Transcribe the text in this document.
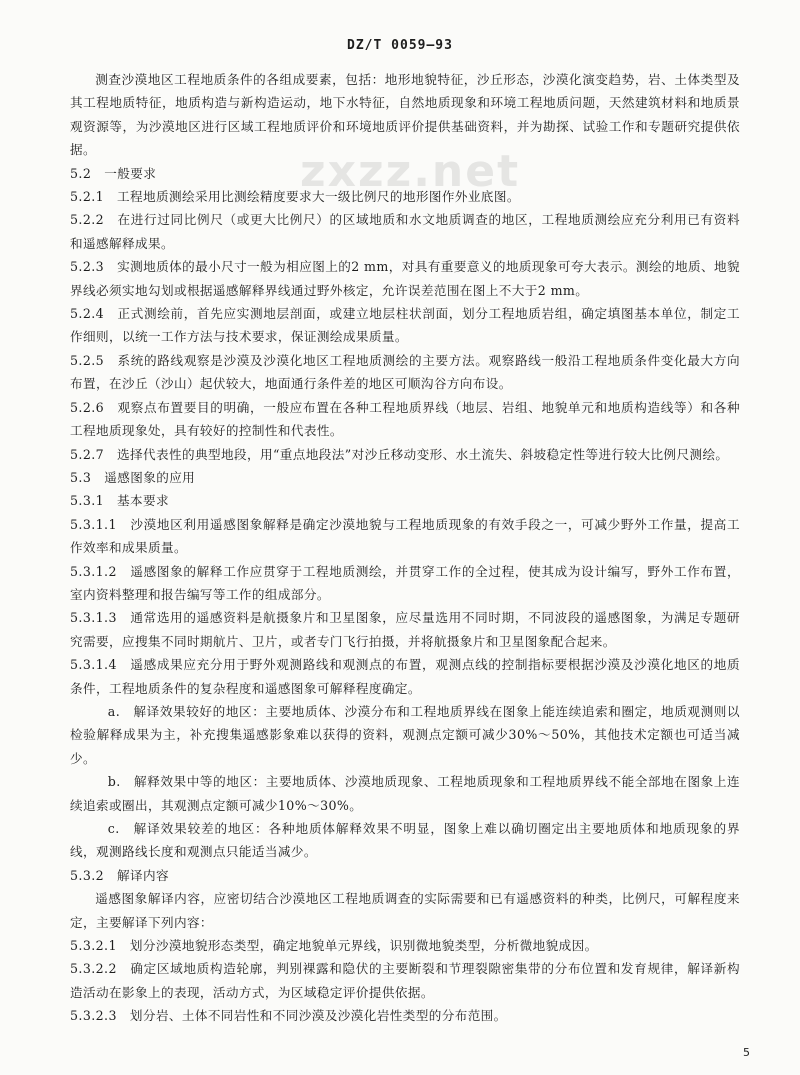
DZ/T 0059—93
zxzz.net

测查沙漠地区工程地质条件的各组成要素，包括：地形地貌特征，沙丘形态，沙漠化演变趋势，岩、土体类型及其工程地质特征，地质构造与新构造运动，地下水特征，自然地质现象和环境工程地质问题，天然建筑材料和地质景观资源等，为沙漠地区进行区域工程地质评价和环境地质评价提供基础资料，并为勘探、试验工作和专题研究提供依据。

5.2　一般要求

5.2.1　工程地质测绘采用比测绘精度要求大一级比例尺的地形图作外业底图。

5.2.2　在进行过同比例尺（或更大比例尺）的区域地质和水文地质调查的地区，工程地质测绘应充分利用已有资料和遥感解释成果。

5.2.3　实测地质体的最小尺寸一般为相应图上的2 mm，对具有重要意义的地质现象可夸大表示。测绘的地质、地貌界线必须实地勾划或根据遥感解释界线通过野外核定，允许误差范围在图上不大于2 mm。

5.2.4　正式测绘前，首先应实测地层剖面，或建立地层柱状剖面，划分工程地质岩组，确定填图基本单位，制定工作细则，以统一工作方法与技术要求，保证测绘成果质量。

5.2.5　系统的路线观察是沙漠及沙漠化地区工程地质测绘的主要方法。观察路线一般沿工程地质条件变化最大方向布置，在沙丘（沙山）起伏较大，地面通行条件差的地区可顺沟谷方向布设。

5.2.6　观察点布置要目的明确，一般应布置在各种工程地质界线（地层、岩组、地貌单元和地质构造线等）和各种工程地质现象处，具有较好的控制性和代表性。

5.2.7　选择代表性的典型地段，用“重点地段法”对沙丘移动变形、水土流失、斜坡稳定性等进行较大比例尺测绘。

5.3　遥感图象的应用

5.3.1　基本要求

5.3.1.1　沙漠地区利用遥感图象解释是确定沙漠地貌与工程地质现象的有效手段之一，可减少野外工作量，提高工作效率和成果质量。

5.3.1.2　遥感图象的解释工作应贯穿于工程地质测绘，并贯穿工作的全过程，使其成为设计编写，野外工作布置，室内资料整理和报告编写等工作的组成部分。

5.3.1.3　通常选用的遥感资料是航摄象片和卫星图象，应尽量选用不同时期，不同波段的遥感图象，为满足专题研究需要，应搜集不同时期航片、卫片，或者专门飞行拍摄，并将航摄象片和卫星图象配合起来。

5.3.1.4　遥感成果应充分用于野外观测路线和观测点的布置，观测点线的控制指标要根据沙漠及沙漠化地区的地质条件，工程地质条件的复杂程度和遥感图象可解释程度确定。

a.　解译效果较好的地区：主要地质体、沙漠分布和工程地质界线在图象上能连续追索和圈定，地质观测则以检验解释成果为主，补充搜集遥感影象难以获得的资料，观测点定额可减少30%～50%，其他技术定额也可适当减少。

b.　解释效果中等的地区：主要地质体、沙漠地质现象、工程地质现象和工程地质界线不能全部地在图象上连续追索或圈出，其观测点定额可减少10%～30%。

c.　解译效果较差的地区：各种地质体解释效果不明显，图象上难以确切圈定出主要地质体和地质现象的界线，观测路线长度和观测点只能适当减少。

5.3.2　解译内容

遥感图象解译内容，应密切结合沙漠地区工程地质调查的实际需要和已有遥感资料的种类，比例尺，可解程度来定，主要解译下列内容：

5.3.2.1　划分沙漠地貌形态类型，确定地貌单元界线，识别微地貌类型，分析微地貌成因。

5.3.2.2　确定区域地质构造轮廓，判别裸露和隐伏的主要断裂和节理裂隙密集带的分布位置和发育规律，解译新构造活动在影象上的表现，活动方式，为区域稳定评价提供依据。

5.3.2.3　划分岩、土体不同岩性和不同沙漠及沙漠化岩性类型的分布范围。

5
